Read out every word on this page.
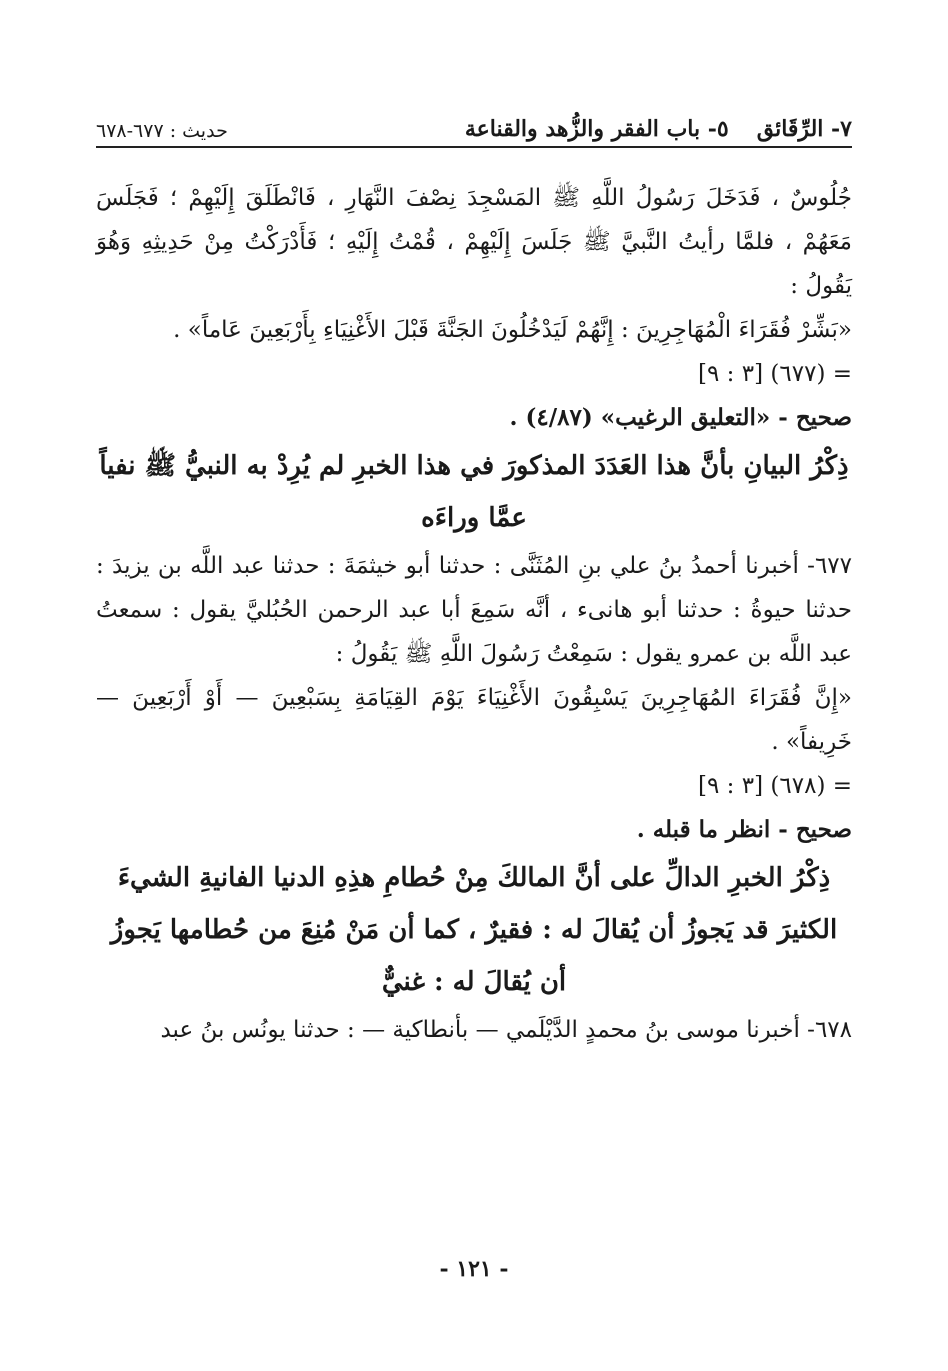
٧- الرِّقَائق
٥- باب الفقر والزُّهد والقناعة
حديث : ٦٧٧-٦٧٨

جُلُوسٌ ، فَدَخَلَ رَسُولُ اللَّهِ ﷺ المَسْجِدَ نِصْفَ النَّهَارِ ، فَانْطَلَقَ إِلَيْهِمْ ؛ فَجَلَسَ مَعَهُمْ ، فلمَّا رأيتُ النَّبيَّ ﷺ جَلَسَ إِلَيْهِمْ ، قُمْتُ إِلَيْهِ ؛ فَأَدْرَكْتُ مِنْ حَدِيثِهِ وَهُوَ يَقُولُ :

«بَشِّرْ فُقَرَاءَ الْمُهَاجِرِينَ : إِنَّهُمْ لَيَدْخُلُونَ الجَنَّةَ قَبْلَ الأَغْنِيَاءِ بِأَرْبَعِينَ عَاماً» .

= (٦٧٧) [٣ : ٩]

صحيح - «التعليق الرغيب» (٤/٨٧) .

ذِكْرُ البيانِ بأنَّ هذا العَدَدَ المذكورَ في هذا الخبرِ لم يُرِدْ به النبيُّ ﷺ نفياً عمَّا وراءَه

٦٧٧- أخبرنا أحمدُ بنُ علي بنِ المُثَنَّى : حدثنا أبو خيثمَةَ : حدثنا عبد اللَّه بن يزيدَ : حدثنا حيوةُ : حدثنا أبو هانىء ، أنَّه سَمِعَ أبا عبد الرحمن الحُبُليَّ يقول : سمعتُ عبد اللَّه بن عمرو يقول : سَمِعْتُ رَسُولَ اللَّهِ ﷺ يَقُولُ :

«إِنَّ فُقَرَاءَ المُهَاجِرِينَ يَسْبِقُونَ الأَغْنِيَاءَ يَوْمَ القِيَامَةِ بِسَبْعِينَ — أَوْ أَرْبَعِينَ — خَرِيفاً» .

= (٦٧٨) [٣ : ٩]

صحيح - انظر ما قبله .

ذِكْرُ الخبرِ الدالِّ على أنَّ المالكَ مِنْ حُطامِ هذِهِ الدنيا الفانيةِ الشيءَ الكثيرَ قد يَجوزُ أن يُقالَ له : فقيرٌ ، كما أن مَنْ مُنِعَ من حُطامها يَجوزُ أن يُقالَ له : غنيٌّ

٦٧٨- أخبرنا موسى بنُ محمدٍ الدَّيْلَمي — بأنطاكية — : حدثنا يونُس بنُ عبد

- ١٢١ -
